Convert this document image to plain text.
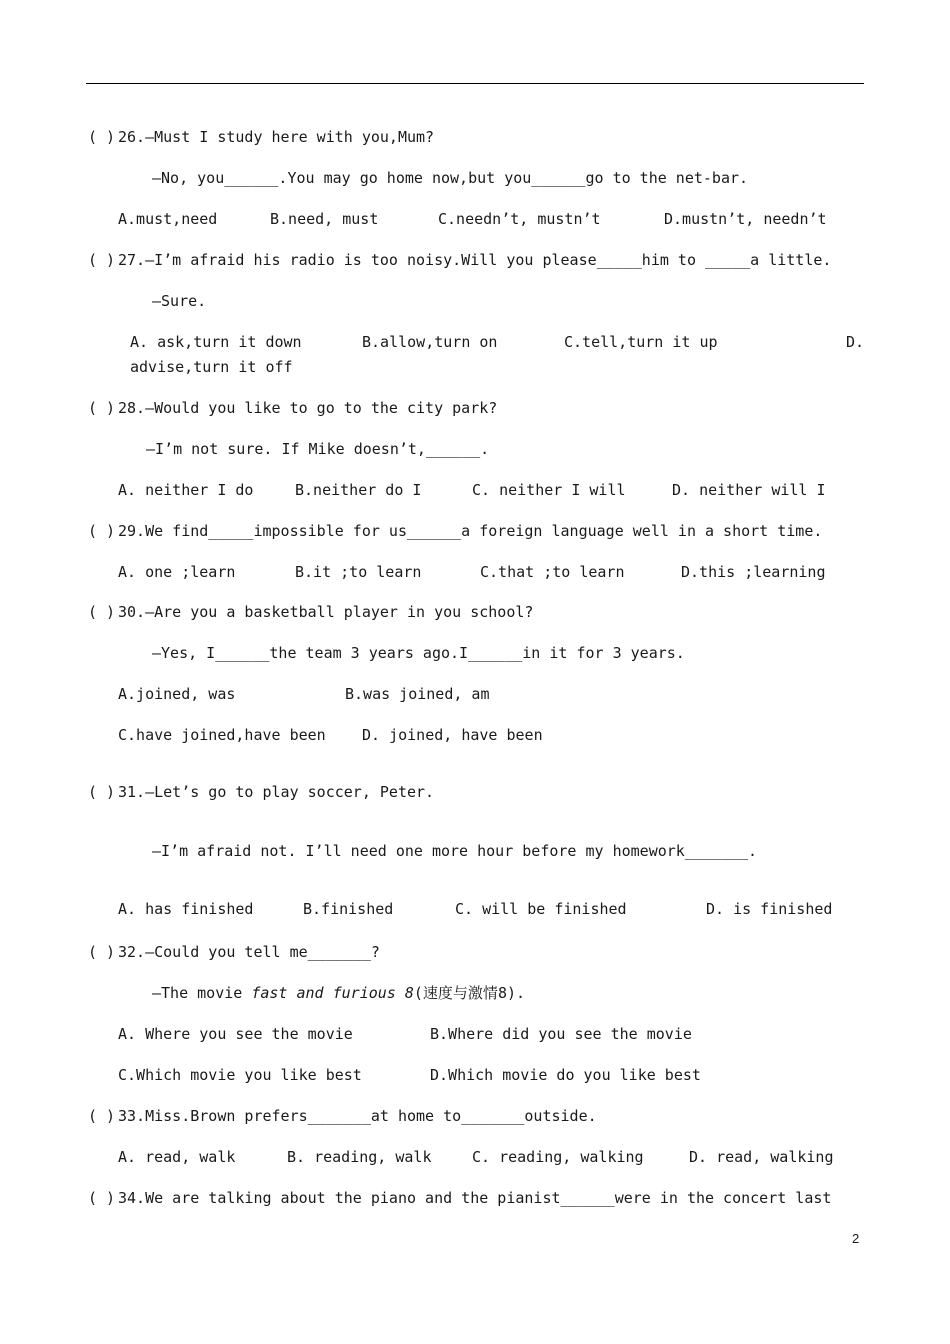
( ) 26.—Must I study here with you,Mum?
—No, you______.You may go home now,but you______go to the net-bar.
A.must,need	B.need, must	C.needn’t, mustn’t	D.mustn’t, needn’t
( ) 27.—I’m afraid his radio is too noisy.Will you please_____him to _____a little.
—Sure.
A. ask,turn it down	B.allow,turn on	C.tell,turn it up	D.
advise,turn it off
( ) 28.—Would you like to go to the city park?
—I’m not sure. If Mike doesn’t,______.
A. neither I do	B.neither do I	C. neither I will	D. neither will I
( ) 29.We find_____impossible for us______a foreign language well in a short time.
A. one ;learn	B.it ;to learn	C.that ;to learn	D.this ;learning
( ) 30.—Are you a basketball player in you school?
—Yes, I______the team 3 years ago.I______in it for 3 years.
A.joined, was	B.was joined, am
C.have joined,have been D. joined, have been
( ) 31.—Let’s go to play soccer, Peter.
—I’m afraid not. I’ll need one more hour before my homework_______.
A. has finished	B.finished	C. will be finished	D. is finished
( ) 32.—Could you tell me_______?
—The movie fast and furious 8(速度与激情8).
A. Where you see the movie	B.Where did you see the movie
C.Which movie you like best	D.Which movie do you like best
( ) 33.Miss.Brown prefers_______at home to_______outside.
A. read, walk	B. reading, walk	C. reading, walking	D. read, walking
( ) 34.We are talking about the piano and the pianist______were in the concert last
2
